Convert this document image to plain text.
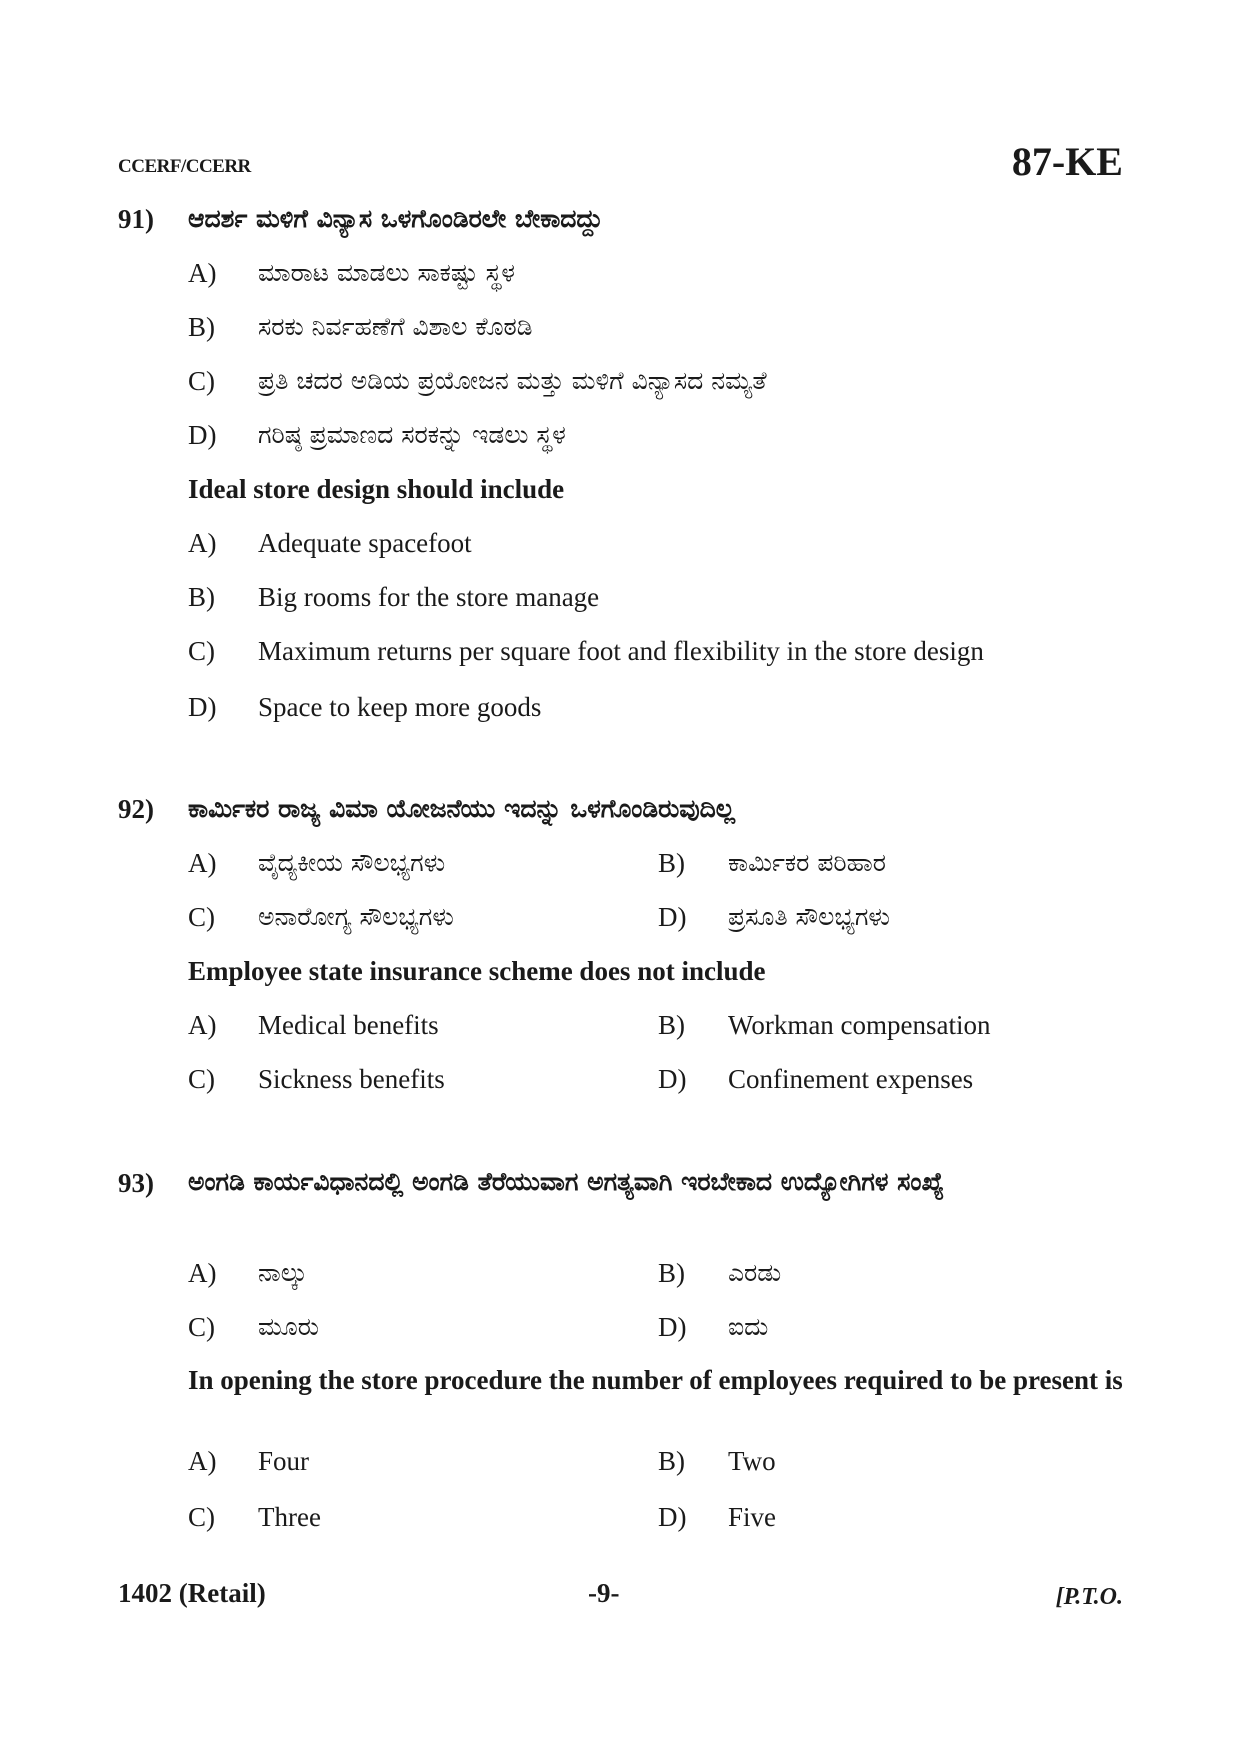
CCERF/CCERR	87-KE
91) ಆದರ್ಶ ಮಳಿಗೆ ವಿನ್ಯಾಸ ಒಳಗೊಂಡಿರಲೇ ಬೇಕಾದದ್ದು
A) ಮಾರಾಟ ಮಾಡಲು ಸಾಕಷ್ಟು ಸ್ಥಳ
B) ಸರಕು ನಿರ್ವಹಣೆಗೆ ವಿಶಾಲ ಕೊಠಡಿ
C) ಪ್ರತಿ ಚದರ ಅಡಿಯ ಪ್ರಯೋಜನ ಮತ್ತು ಮಳಿಗೆ ವಿನ್ಯಾಸದ ನಮ್ಯತೆ
D) ಗರಿಷ್ಠ ಪ್ರಮಾಣದ ಸರಕನ್ನು ಇಡಲು ಸ್ಥಳ
Ideal store design should include
A) Adequate spacefoot
B) Big rooms for the store manage
C) Maximum returns per square foot and flexibility in the store design
D) Space to keep more goods
92) ಕಾರ್ಮಿಕರ ರಾಜ್ಯ ವಿಮಾ ಯೋಜನೆಯು ಇದನ್ನು ಒಳಗೊಂಡಿರುವುದಿಲ್ಲ
A) ವೈದ್ಯಕೀಯ ಸೌಲಭ್ಯಗಳು	B) ಕಾರ್ಮಿಕರ ಪರಿಹಾರ
C) ಅನಾರೋಗ್ಯ ಸೌಲಭ್ಯಗಳು	D) ಪ್ರಸೂತಿ ಸೌಲಭ್ಯಗಳು
Employee state insurance scheme does not include
A) Medical benefits	B) Workman compensation
C) Sickness benefits	D) Confinement expenses
93) ಅಂಗಡಿ ಕಾರ್ಯವಿಧಾನದಲ್ಲಿ ಅಂಗಡಿ ತೆರೆಯುವಾಗ ಅಗತ್ಯವಾಗಿ ಇರಬೇಕಾದ ಉದ್ಯೋಗಿಗಳ ಸಂಖ್ಯೆ
A) ನಾಲ್ಕು	B) ಎರಡು
C) ಮೂರು	D) ಐದು
In opening the store procedure the number of employees required to be present is
A) Four	B) Two
C) Three	D) Five
1402 (Retail)	-9-	[P.T.O.
